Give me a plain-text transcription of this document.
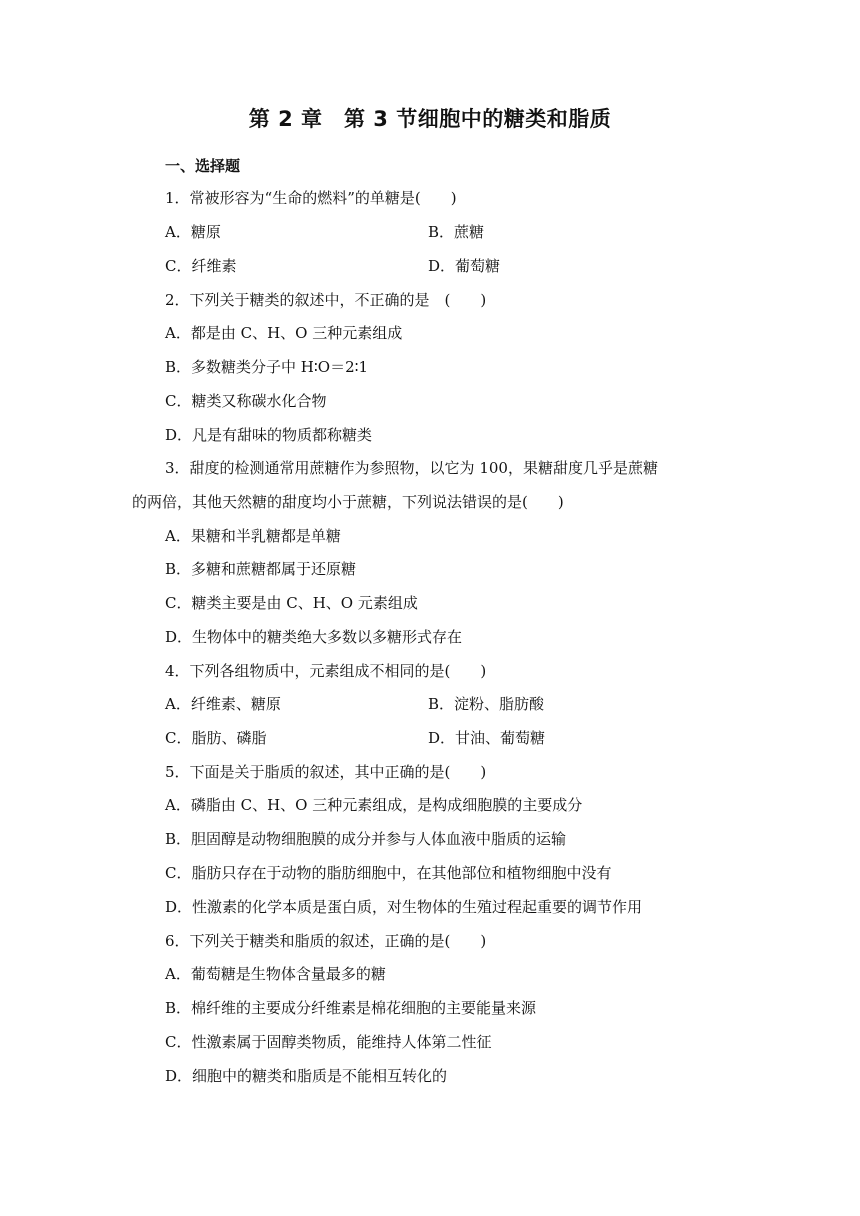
第 2 章　第 3 节细胞中的糖类和脂质
一、选择题
1．常被形容为“生命的燃料”的单糖是(　　)
A．糖原	B．蔗糖
C．纤维素	D．葡萄糖
2．下列关于糖类的叙述中，不正确的是　(　　)
A．都是由 C、H、O 三种元素组成
B．多数糖类分子中 H∶O＝2∶1
C．糖类又称碳水化合物
D．凡是有甜味的物质都称糖类
3．甜度的检测通常用蔗糖作为参照物，以它为 100，果糖甜度几乎是蔗糖
的两倍，其他天然糖的甜度均小于蔗糖，下列说法错误的是(　　)
A．果糖和半乳糖都是单糖
B．多糖和蔗糖都属于还原糖
C．糖类主要是由 C、H、O 元素组成
D．生物体中的糖类绝大多数以多糖形式存在
4．下列各组物质中，元素组成不相同的是(　　)
A．纤维素、糖原	B．淀粉、脂肪酸
C．脂肪、磷脂	D．甘油、葡萄糖
5．下面是关于脂质的叙述，其中正确的是(　　)
A．磷脂由 C、H、O 三种元素组成，是构成细胞膜的主要成分
B．胆固醇是动物细胞膜的成分并参与人体血液中脂质的运输
C．脂肪只存在于动物的脂肪细胞中，在其他部位和植物细胞中没有
D．性激素的化学本质是蛋白质，对生物体的生殖过程起重要的调节作用
6．下列关于糖类和脂质的叙述，正确的是(　　)
A．葡萄糖是生物体含量最多的糖
B．棉纤维的主要成分纤维素是棉花细胞的主要能量来源
C．性激素属于固醇类物质，能维持人体第二性征
D．细胞中的糖类和脂质是不能相互转化的
